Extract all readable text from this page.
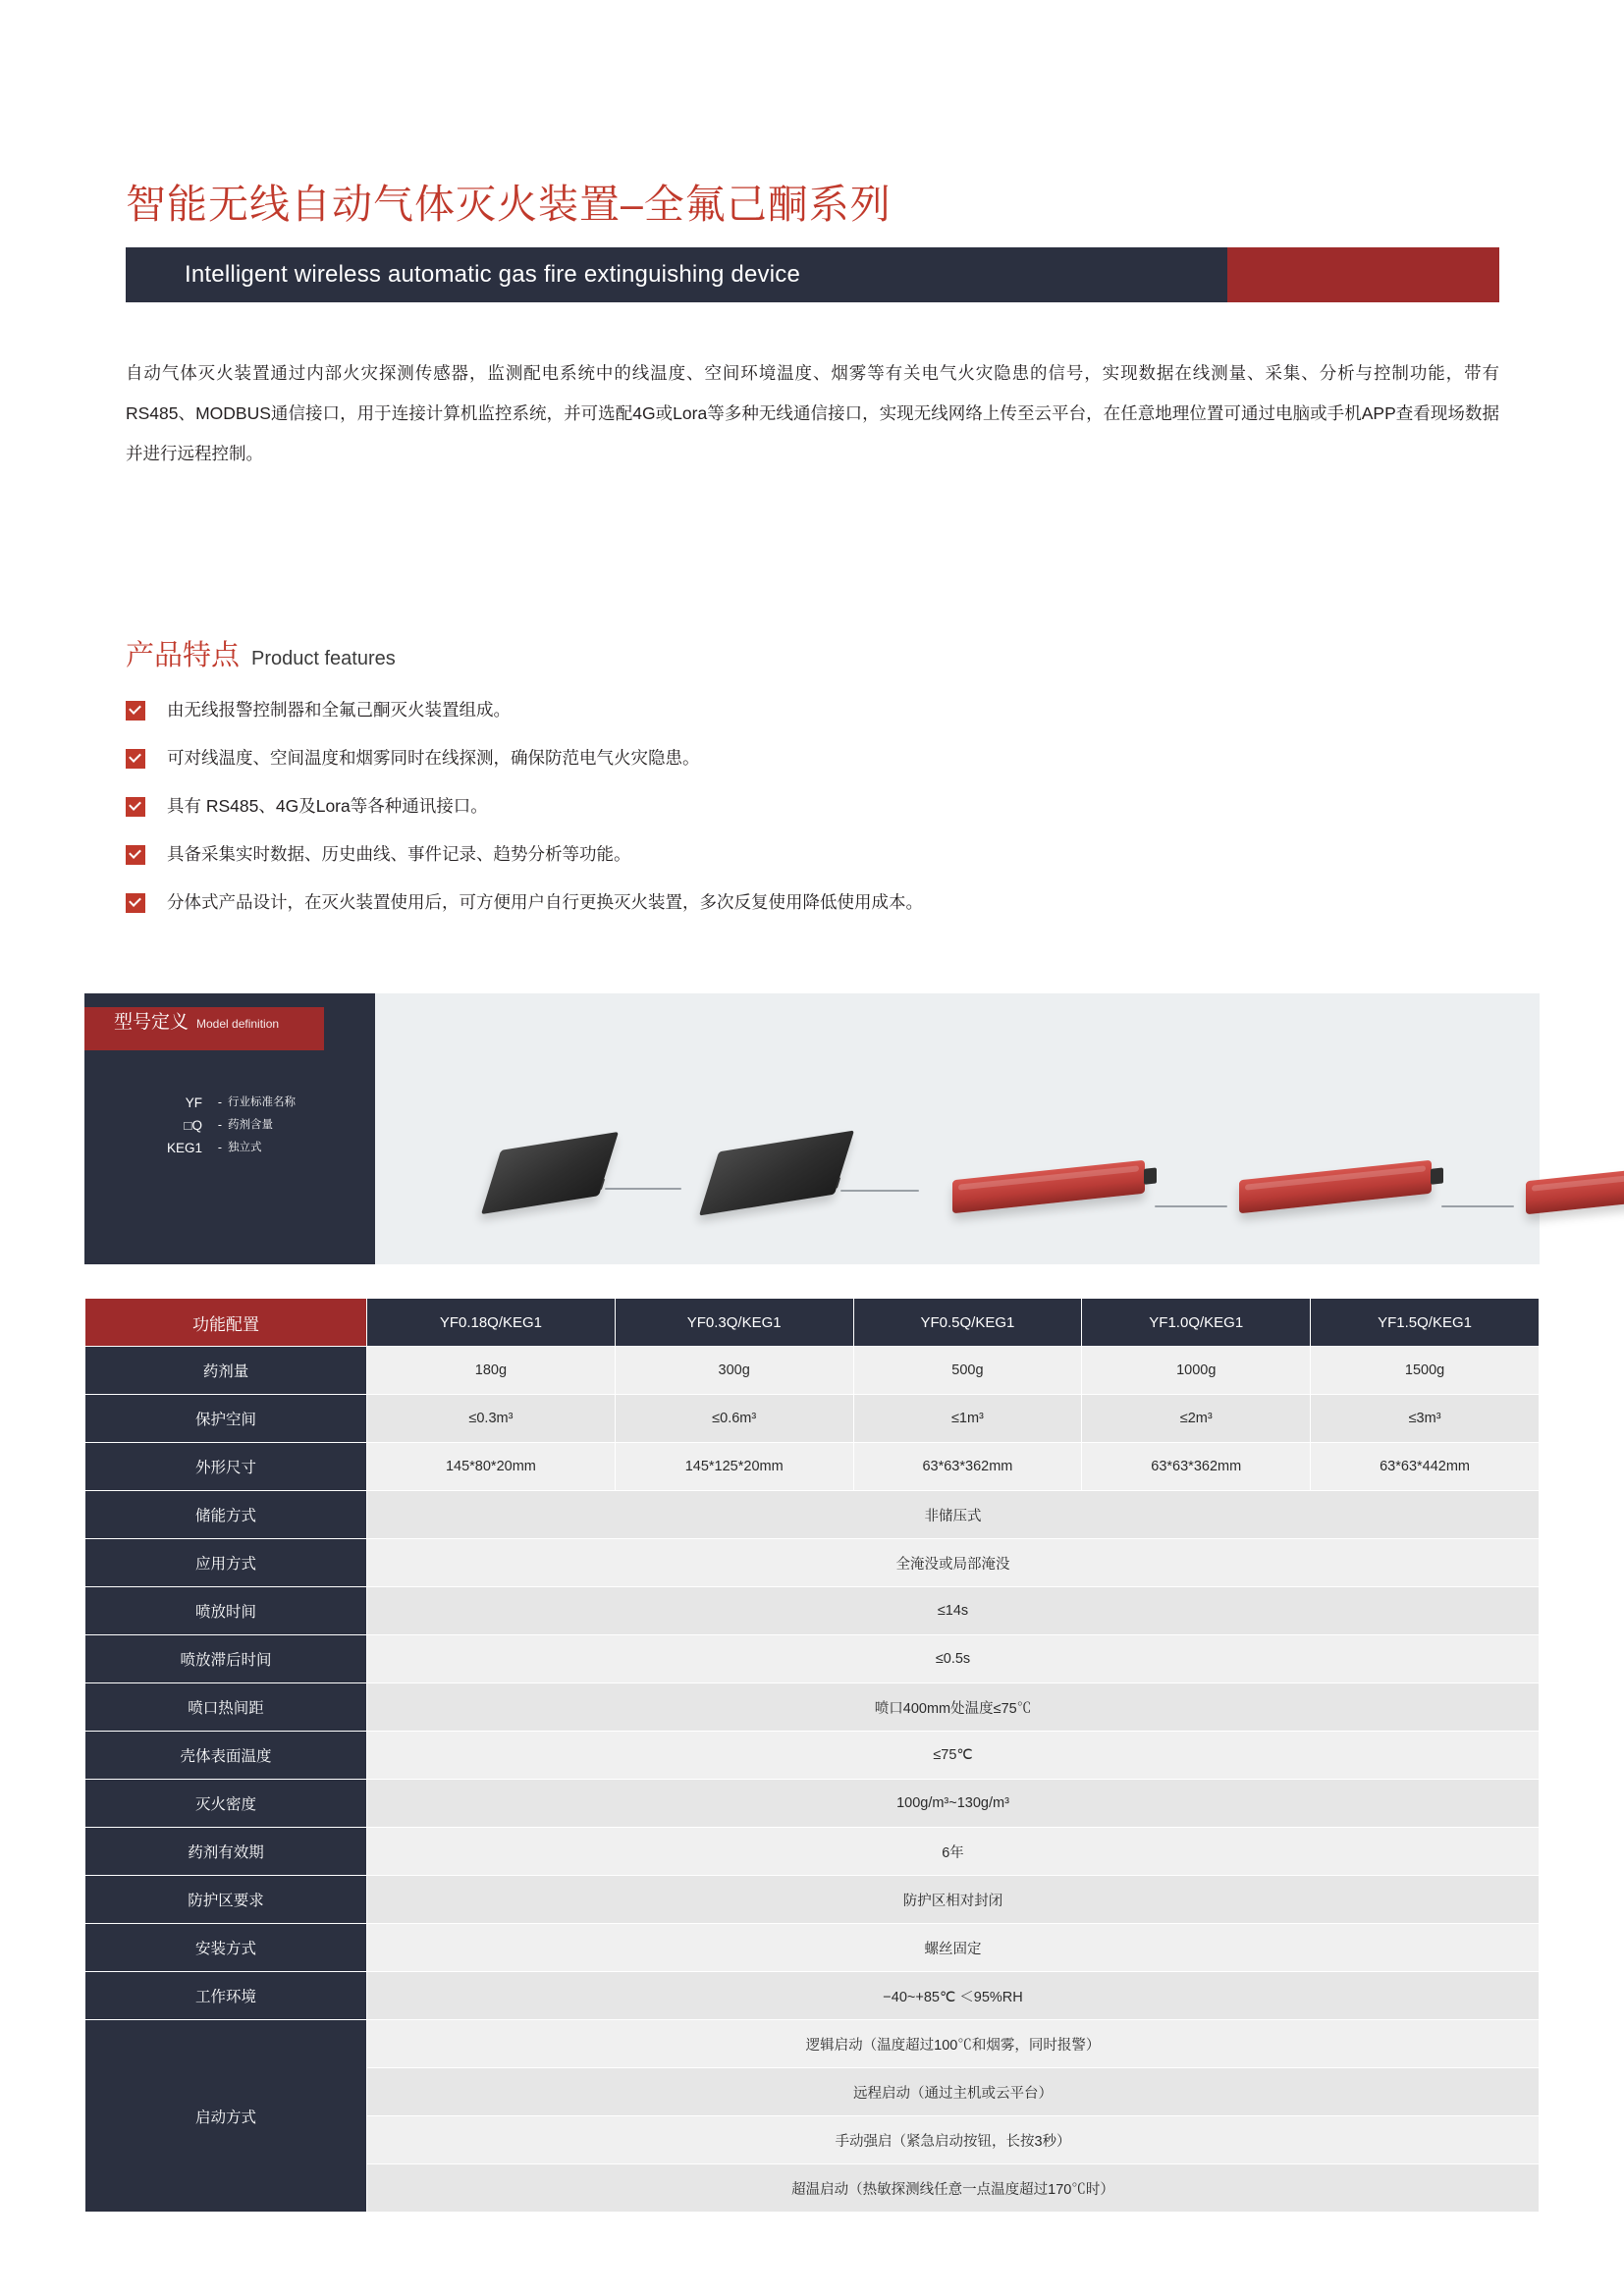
智能无线自动气体灭火装置–全氟己酮系列
Intelligent wireless automatic gas fire extinguishing device
自动气体灭火装置通过内部火灾探测传感器，监测配电系统中的线温度、空间环境温度、烟雾等有关电气火灾隐患的信号，实现数据在线测量、采集、分析与控制功能，带有RS485、MODBUS通信接口，用于连接计算机监控系统，并可选配4G或Lora等多种无线通信接口，实现无线网络上传至云平台，在任意地理位置可通过电脑或手机APP查看现场数据并进行远程控制。
产品特点 Product features
由无线报警控制器和全氟己酮灭火装置组成。
可对线温度、空间温度和烟雾同时在线探测，确保防范电气火灾隐患。
具有 RS485、4G及Lora等各种通讯接口。
具备采集实时数据、历史曲线、事件记录、趋势分析等功能。
分体式产品设计，在灭火装置使用后，可方便用户自行更换灭火装置，多次反复使用降低使用成本。
型号定义 Model definition
YF	- 行业标准名称
□Q	- 药剂含量
KEG1	- 独立式
功能配置	YF0.18Q/KEG1	YF0.3Q/KEG1	YF0.5Q/KEG1	YF1.0Q/KEG1	YF1.5Q/KEG1
药剂量	180g	300g	500g	1000g	1500g
保护空间	≤0.3m³	≤0.6m³	≤1m³	≤2m³	≤3m³
外形尺寸	145*80*20mm	145*125*20mm	63*63*362mm	63*63*362mm	63*63*442mm
储能方式	非储压式				
应用方式	全淹没或局部淹没				
喷放时间	≤14s				
喷放滞后时间	≤0.5s				
喷口热间距	喷口400mm处温度≤75℃				
壳体表面温度	≤75℃				
灭火密度	100g/m³~130g/m³				
药剂有效期	6年				
防护区要求	防护区相对封闭				
安装方式	螺丝固定				
工作环境	−40~+85℃ ＜95%RH				
启动方式	逻辑启动（温度超过100℃和烟雾，同时报警）				
	远程启动（通过主机或云平台）				
	手动强启（紧急启动按钮，长按3秒）				
	超温启动（热敏探测线任意一点温度超过170℃时）				
